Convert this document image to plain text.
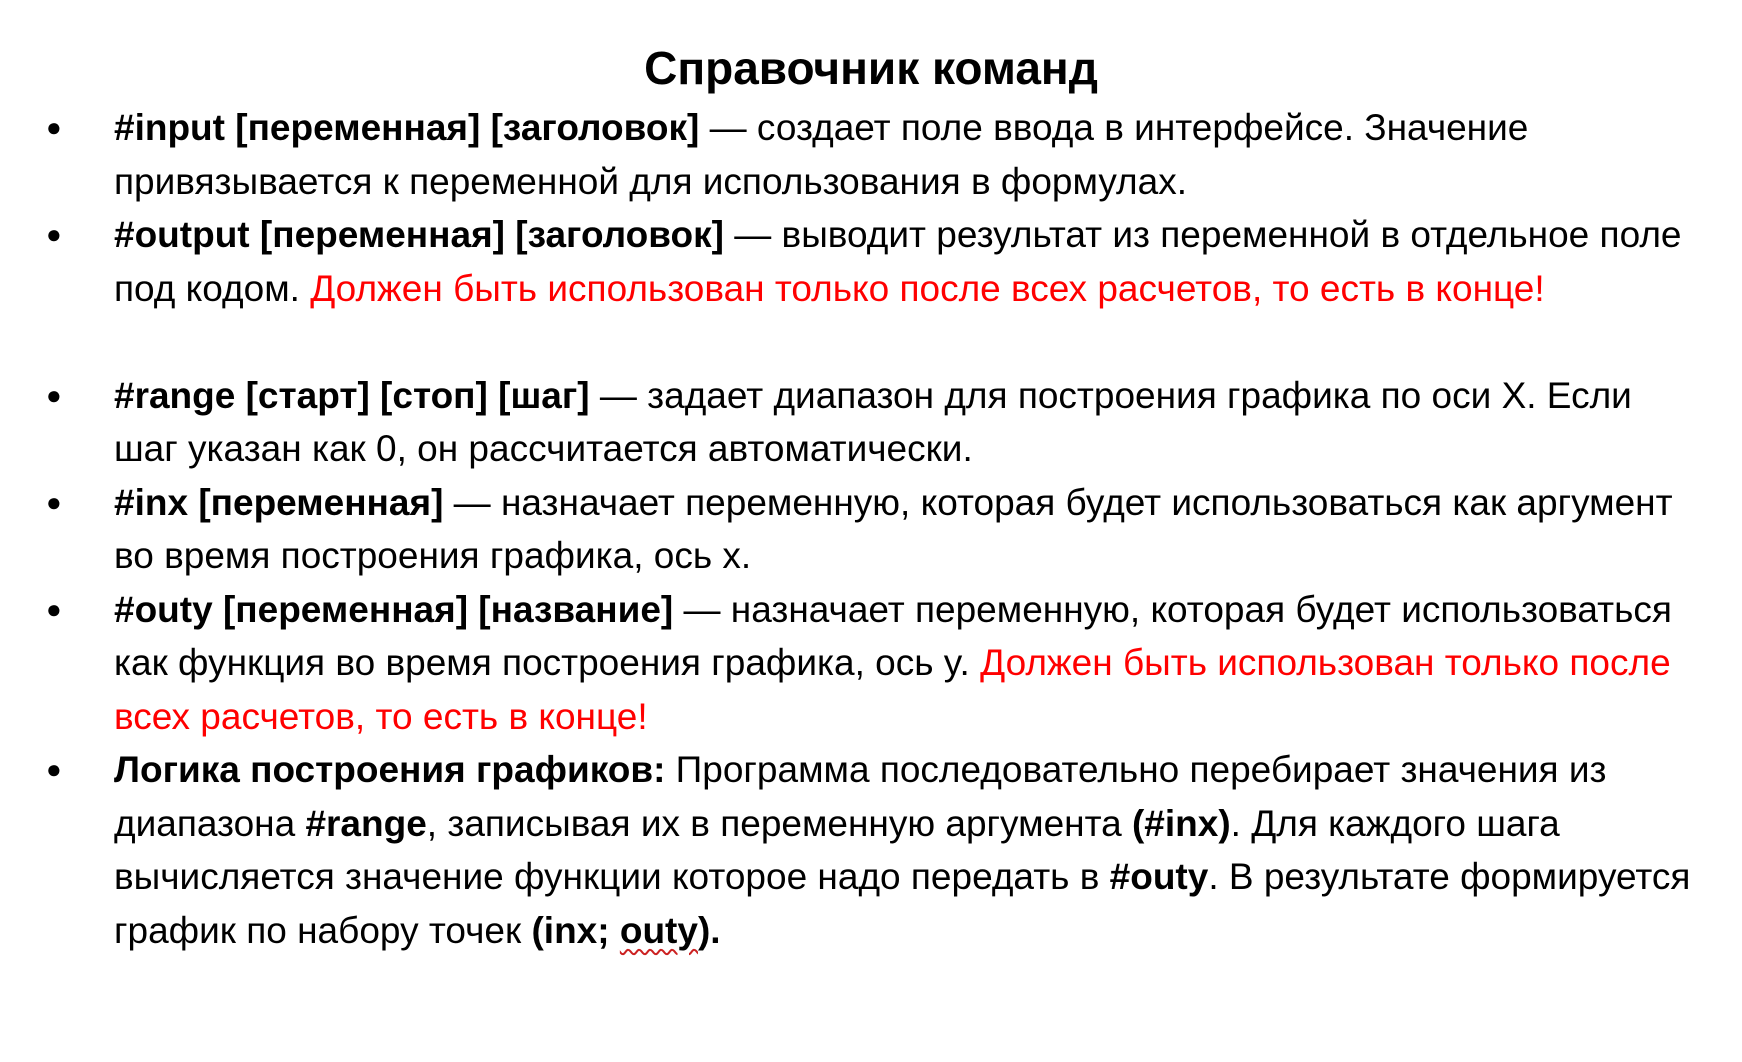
Справочник команд
●	#input [переменная] [заголовок] — создает поле ввода в интерфейсе. Значение привязывается к переменной для использования в формулах.
●	#output [переменная] [заголовок] — выводит результат из переменной в отдельное поле под кодом. Должен быть использован только после всех расчетов, то есть в конце!
●	#range [старт] [стоп] [шаг] — задает диапазон для построения графика по оси X. Если шаг указан как 0, он рассчитается автоматически.
●	#inx [переменная] — назначает переменную, которая будет использоваться как аргумент во время построения графика, ось x.
●	#outy [переменная] [название] — назначает переменную, которая будет использоваться как функция во время построения графика, ось y. Должен быть использован только после всех расчетов, то есть в конце!
●	Логика построения графиков: Программа последовательно перебирает значения из диапазона #range, записывая их в переменную аргумента (#inx). Для каждого шага вычисляется значение функции которое надо передать в #outy. В результате формируется график по набору точек (inx; outy).
